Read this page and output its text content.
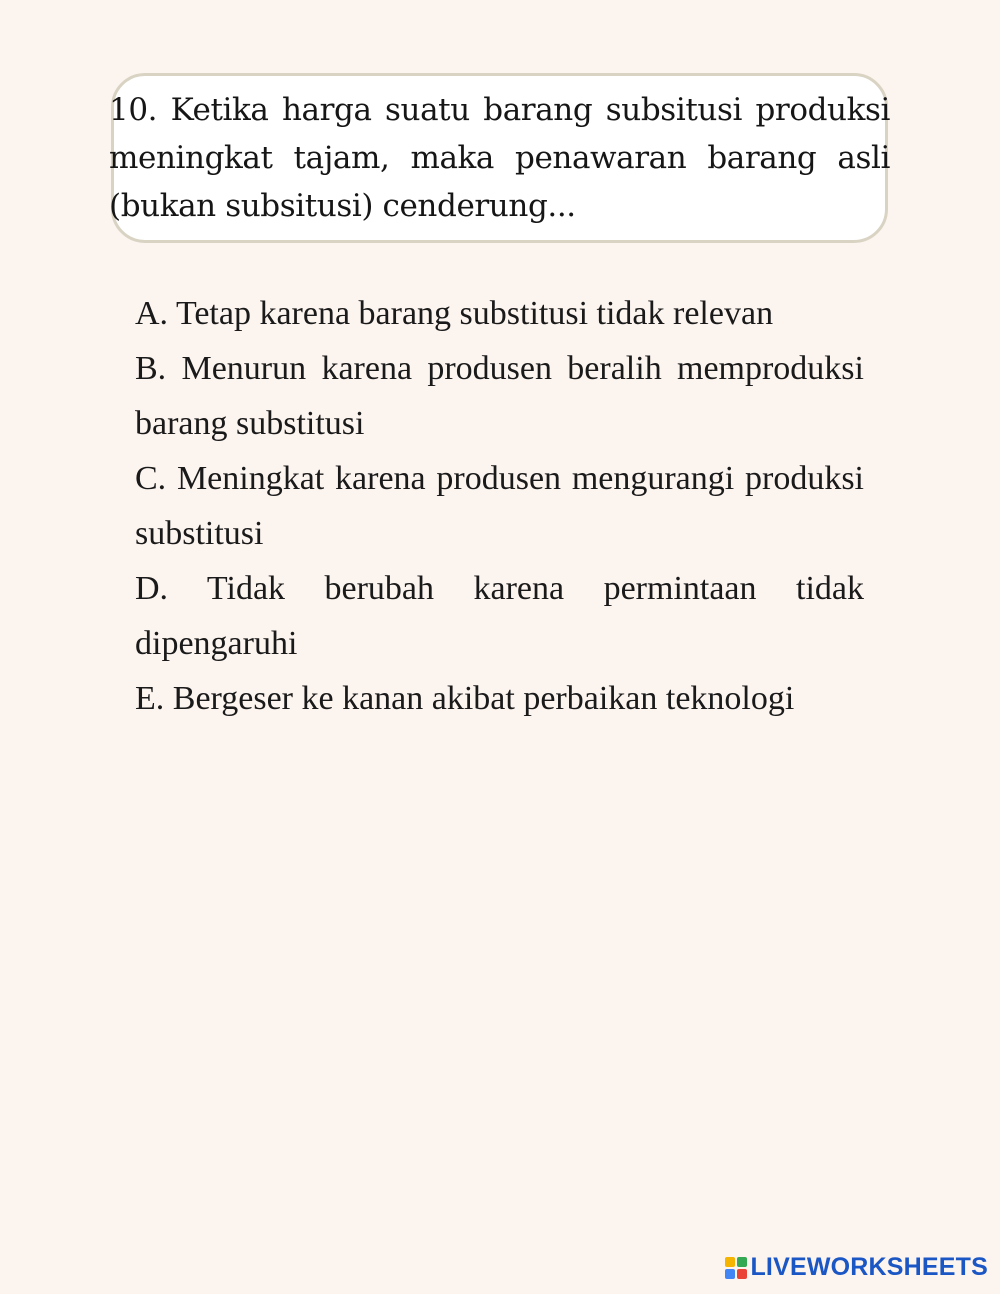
10. Ketika harga suatu barang subsitusi produksi meningkat tajam, maka penawaran barang asli (bukan subsitusi) cenderung...

A. Tetap karena barang substitusi tidak relevan
B. Menurun karena produsen beralih memproduksi barang substitusi
C. Meningkat karena produsen mengurangi produksi substitusi
D. Tidak berubah karena permintaan tidak dipengaruhi
E. Bergeser ke kanan akibat perbaikan teknologi
LIVEWORKSHEETS
